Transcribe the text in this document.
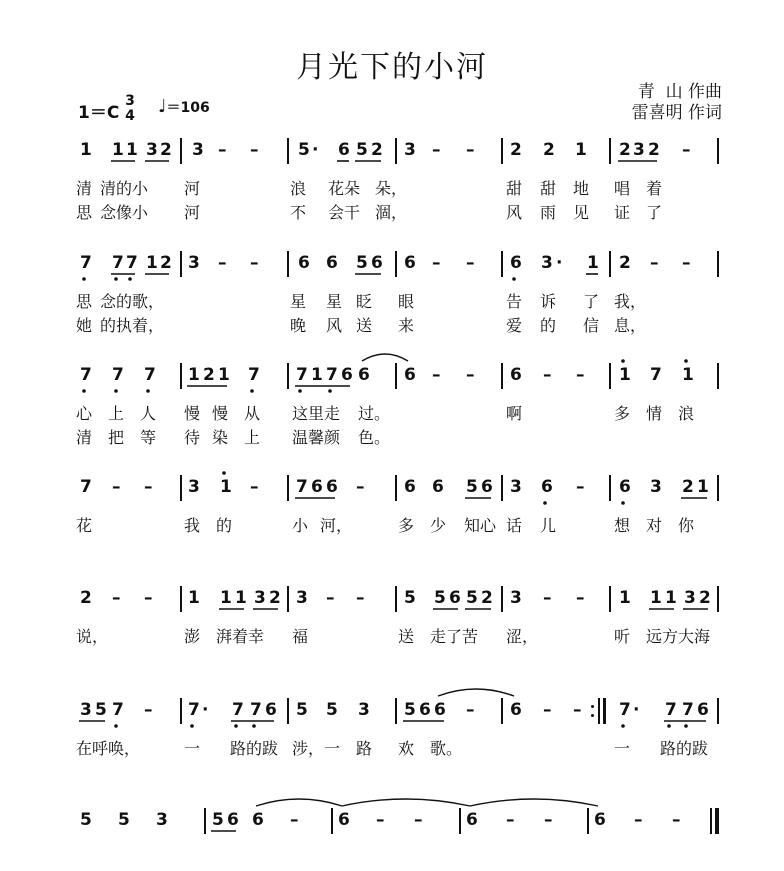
月光下的小河
青  山 作曲
雷喜明 作词
1＝C
3
4 ♩＝106
1 1 1 3 2 3 – – 5 · 6 5 2 3 – – 2 2 1 2 3 2 –
清 清的小 河	浪 花朵 朵，	甜 甜 地 唱 着
思 念像小 河	不 会干 涸，	风 雨 见 证 了
7 7 7 1 2 3 – – 6 6 5 6 6 – – 6 3 · 1 2 – –
思 念的歌，	星 星 眨 眼	告 诉 了 我，
她 的执着，	晚 风 送 来	爱 的 信 息，
7 7 7 1 2 1 7 7 1 7 6 6 6 – – 6 – – 1 7 1
心 上 人 慢 慢 从 这里走 过。	啊	多 情 浪
清 把 等 待 染 上 温馨颜 色。
7 – – 3 1 – 7 6 6 – 6 6 5 6 3 6 – 6 3 2 1
花	我 的	小 河，	多 少 知心 话 儿	想 对 你
2 – – 1 1 1 3 2 3 – – 5 5 6 5 2 3 – – 1 1 1 3 2
说，	澎 湃着幸 福	送 走了苦 涩，	听 远方大海
3 5 7 – 7 · 7 7 6 5 5 3 5 6 6 – 6 – – 7 · 7 7 6
在呼唤，	一 路的跋 涉， 一 路 欢 歌。	一 路的跋
5 5 3	5 6 6 – 6 – –	6 – – 6 – –
